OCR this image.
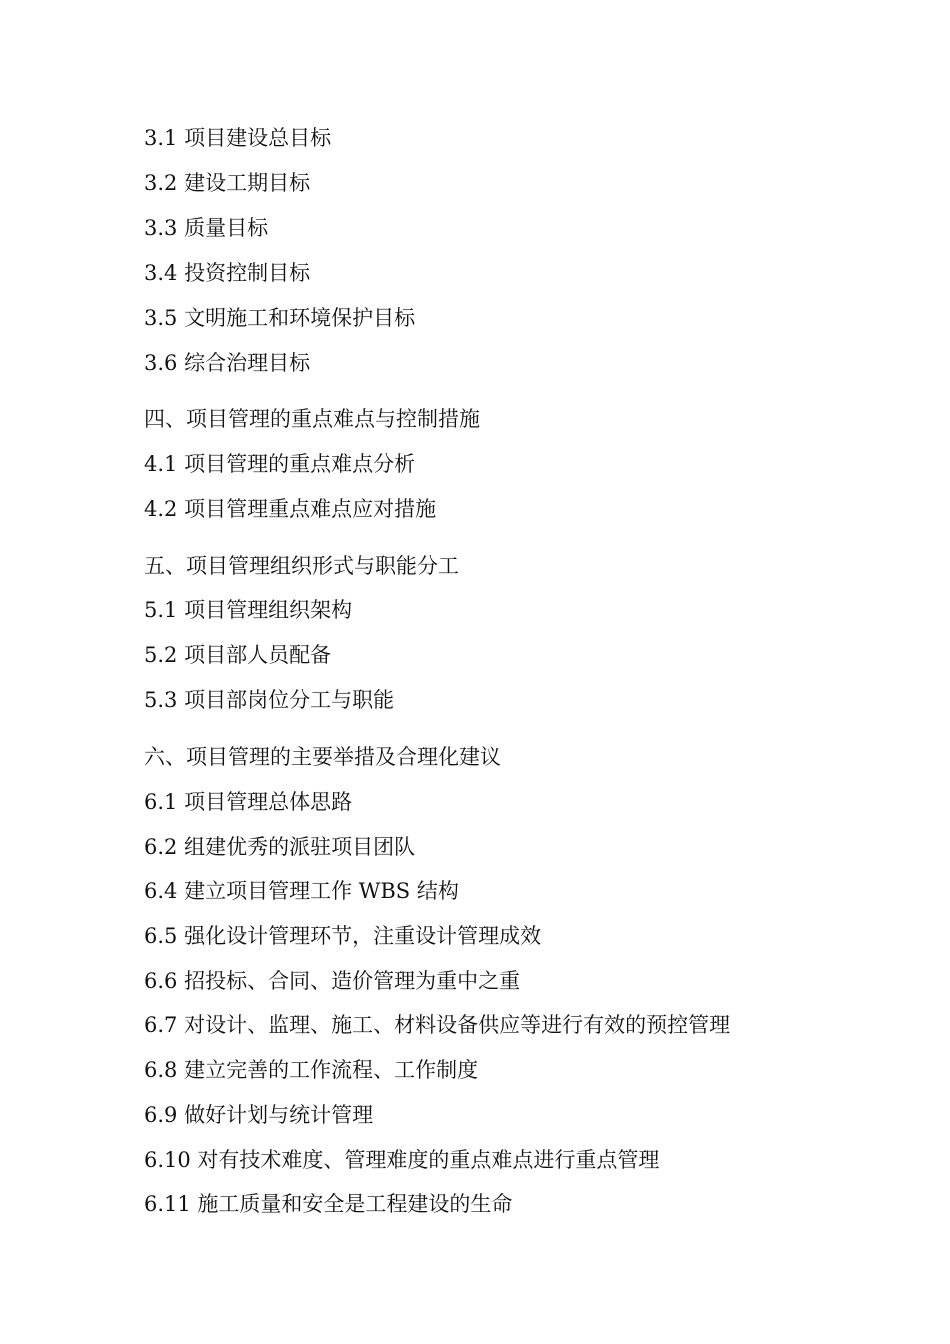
3.1 项目建设总目标

3.2 建设工期目标

3.3 质量目标

3.4 投资控制目标

3.5 文明施工和环境保护目标

3.6 综合治理目标

四、项目管理的重点难点与控制措施

4.1 项目管理的重点难点分析

4.2 项目管理重点难点应对措施

五、项目管理组织形式与职能分工

5.1 项目管理组织架构

5.2 项目部人员配备

5.3 项目部岗位分工与职能

六、项目管理的主要举措及合理化建议

6.1 项目管理总体思路

6.2 组建优秀的派驻项目团队

6.4 建立项目管理工作 WBS 结构

6.5 强化设计管理环节，注重设计管理成效

6.6 招投标、合同、造价管理为重中之重

6.7 对设计、监理、施工、材料设备供应等进行有效的预控管理

6.8 建立完善的工作流程、工作制度

6.9 做好计划与统计管理

6.10 对有技术难度、管理难度的重点难点进行重点管理

6.11 施工质量和安全是工程建设的生命
